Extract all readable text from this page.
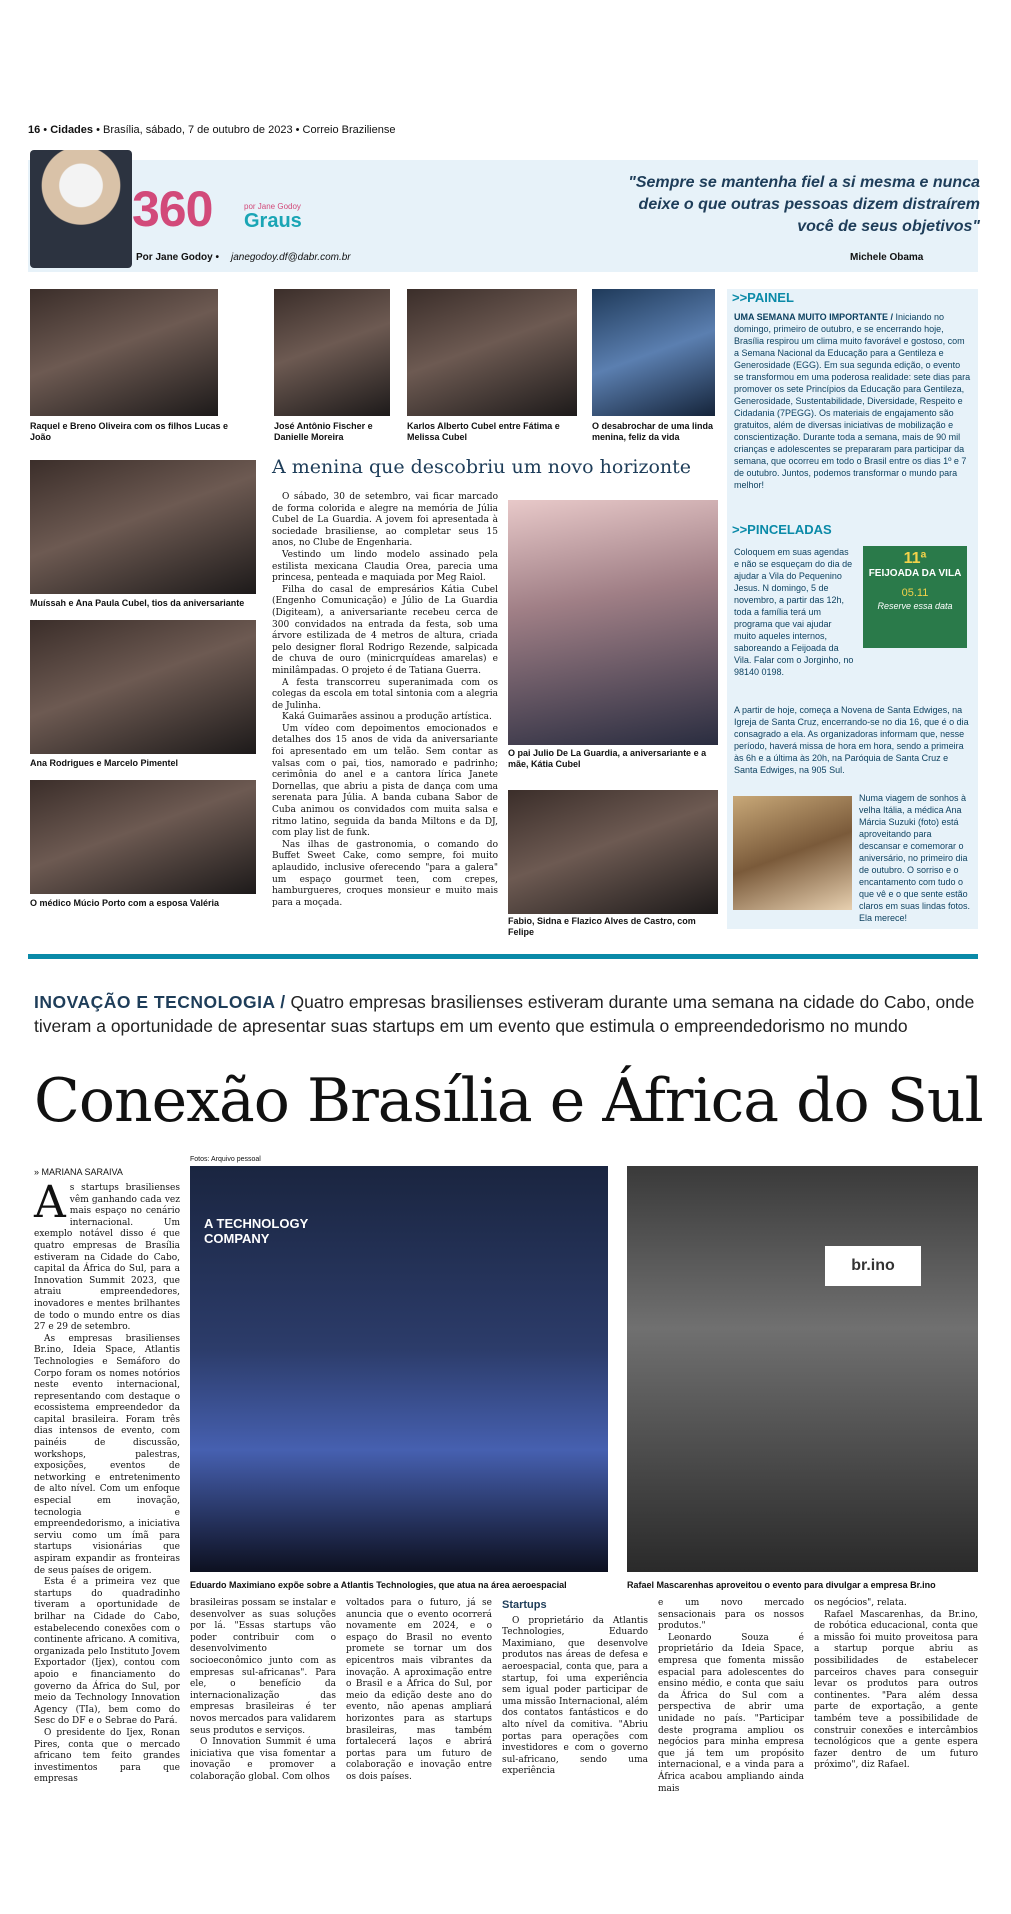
16 • Cidades • Brasília, sábado, 7 de outubro de 2023 • Correio Braziliense
360	por Jane Godoy
Graus
"Sempre se mantenha fiel a si mesma e nunca deixe o que outras pessoas dizem distraírem você de seus objetivos"
Por Jane Godoy • janegodoy.df@dabr.com.br	Michele Obama
Raquel e Breno Oliveira com os filhos Lucas e João
José Antônio Fischer e Danielle Moreira
Karlos Alberto Cubel entre Fátima e Melissa Cubel
O desabrochar de uma linda menina, feliz da vida
Muíssah e Ana Paula Cubel, tios da aniversariante
Ana Rodrigues e Marcelo Pimentel
O médico Múcio Porto com a esposa Valéria
A menina que descobriu um novo horizonte

O sábado, 30 de setembro, vai ficar marcado de forma colorida e alegre na memória de Júlia Cubel de La Guardia. A jovem foi apresentada à sociedade brasiliense, ao completar seus 15 anos, no Clube de Engenharia.

Vestindo um lindo modelo assinado pela estilista mexicana Claudia Orea, parecia uma princesa, penteada e maquiada por Meg Raiol.

Filha do casal de empresários Kátia Cubel (Engenho Comunicação) e Júlio de La Guardia (Digiteam), a aniversariante recebeu cerca de 300 convidados na entrada da festa, sob uma árvore estilizada de 4 metros de altura, criada pelo designer floral Rodrigo Rezende, salpicada de chuva de ouro (minicrquídeas amarelas) e minilâmpadas. O projeto é de Tatiana Guerra.

A festa transcorreu superanimada com os colegas da escola em total sintonia com a alegria de Julinha.

Kaká Guimarães assinou a produção artística.

Um vídeo com depoimentos emocionados e detalhes dos 15 anos de vida da aniversariante foi apresentado em um telão. Sem contar as valsas com o pai, tios, namorado e padrinho; cerimônia do anel e a cantora lírica Janete Dornellas, que abriu a pista de dança com uma serenata para Júlia. A banda cubana Sabor de Cuba animou os convidados com muita salsa e ritmo latino, seguida da banda Miltons e da DJ, com play list de funk.

Nas ilhas de gastronomia, o comando do Buffet Sweet Cake, como sempre, foi muito aplaudido, inclusive oferecendo "para a galera" um espaço gourmet teen, com crepes, hamburgueres, croques monsieur e muito mais para a moçada.

O pai Julio De La Guardia, a aniversariante e a mãe, Kátia Cubel
Fabio, Sidna e Flazico Alves de Castro, com Felipe
>>PAINEL
UMA SEMANA MUITO IMPORTANTE / Iniciando no domingo, primeiro de outubro, e se encerrando hoje, Brasília respirou um clima muito favorável e gostoso, com a Semana Nacional da Educação para a Gentileza e Generosidade (EGG). Em sua segunda edição, o evento se transformou em uma poderosa realidade: sete dias para promover os sete Princípios da Educação para Gentileza, Generosidade, Sustentabilidade, Diversidade, Respeito e Cidadania (7PEGG). Os materiais de engajamento são gratuitos, além de diversas iniciativas de mobilização e conscientização. Durante toda a semana, mais de 90 mil crianças e adolescentes se prepararam para participar da semana, que ocorreu em todo o Brasil entre os dias 1º e 7 de outubro. Juntos, podemos transformar o mundo para melhor!
>>PINCELADAS
Coloquem em suas agendas e não se esqueçam do dia de ajudar a Vila do Pequenino Jesus. N domingo, 5 de novembro, a partir das 12h, toda a família terá um programa que vai ajudar muito aqueles internos, saboreando a Feijoada da Vila. Falar com o Jorginho, no 98140 0198.
11ª
FEIJOADA DA VILA
05.11
Reserve essa data
A partir de hoje, começa a Novena de Santa Edwiges, na Igreja de Santa Cruz, encerrando-se no dia 16, que é o dia consagrado a ela. As organizadoras informam que, nesse período, haverá missa de hora em hora, sendo a primeira às 6h e a última às 20h, na Paróquia de Santa Cruz e Santa Edwiges, na 905 Sul.
Numa viagem de sonhos à velha Itália, a médica Ana Márcia Suzuki (foto) está aproveitando para descansar e comemorar o aniversário, no primeiro dia de outubro. O sorriso e o encantamento com tudo o que vê e o que sente estão claros em suas lindas fotos. Ela merece!
INOVAÇÃO E TECNOLOGIA / Quatro empresas brasilienses estiveram durante uma semana na cidade do Cabo, onde tiveram a oportunidade de apresentar suas startups em um evento que estimula o empreendedorismo no mundo
Conexão Brasília e África do Sul
» MARIANA SARAIVA
Fotos: Arquivo pessoal
A TECHNOLOGY COMPANY
Eduardo Maximiano expõe sobre a Atlantis Technologies, que atua na área aeroespacial
br.ino
Rafael Mascarenhas aproveitou o evento para divulgar a empresa Br.ino
As startups brasilienses vêm ganhando cada vez mais espaço no cenário internacional. Um exemplo notável disso é que quatro empresas de Brasília estiveram na Cidade do Cabo, capital da África do Sul, para a Innovation Summit 2023, que atraiu empreendedores, inovadores e mentes brilhantes de todo o mundo entre os dias 27 e 29 de setembro.

As empresas brasilienses Br.ino, Ideia Space, Atlantis Technologies e Semáforo do Corpo foram os nomes notórios neste evento internacional, representando com destaque o ecossistema empreendedor da capital brasileira. Foram três dias intensos de evento, com painéis de discussão, workshops, palestras, exposições, eventos de networking e entretenimento de alto nível. Com um enfoque especial em inovação, tecnologia e empreendedorismo, a iniciativa serviu como um ímã para startups visionárias que aspiram expandir as fronteiras de seus países de origem.

Esta é a primeira vez que startups do quadradinho tiveram a oportunidade de brilhar na Cidade do Cabo, estabelecendo conexões com o continente africano. A comitiva, organizada pelo Instituto Jovem Exportador (Ijex), contou com apoio e financiamento do governo da África do Sul, por meio da Technology Innovation Agency (TIa), bem como do Sesc do DF e o Sebrae do Pará.

O presidente do Ijex, Ronan Pires, conta que o mercado africano tem feito grandes investimentos para que empresas

brasileiras possam se instalar e desenvolver as suas soluções por lá. "Essas startups vão poder contribuir com o desenvolvimento socioeconômico junto com as empresas sul-africanas". Para ele, o benefício da internacionalização das empresas brasileiras é ter novos mercados para validarem seus produtos e serviços.

O Innovation Summit é uma iniciativa que visa fomentar a inovação e promover a colaboração global. Com olhos

voltados para o futuro, já se anuncia que o evento ocorrerá novamente em 2024, e o espaço do Brasil no evento promete se tornar um dos epicentros mais vibrantes da inovação. A aproximação entre o Brasil e a África do Sul, por meio da edição deste ano do evento, não apenas ampliará horizontes para as startups brasileiras, mas também fortalecerá laços e abrirá portas para um futuro de colaboração e inovação entre os dois países.
Startups

O proprietário da Atlantis Technologies, Eduardo Maximiano, que desenvolve produtos nas áreas de defesa e aeroespacial, conta que, para a startup, foi uma experiência sem igual poder participar de uma missão Internacional, além dos contatos fantásticos e do alto nível da comitiva. "Abriu portas para operações com investidores e com o governo sul-africano, sendo uma experiência

e um novo mercado sensacionais para os nossos produtos."

Leonardo Souza é proprietário da Ideia Space, empresa que fomenta missão espacial para adolescentes do ensino médio, e conta que saiu da África do Sul com a perspectiva de abrir uma unidade no país. "Participar deste programa ampliou os negócios para minha empresa que já tem um propósito internacional, e a vinda para a África acabou ampliando ainda mais

os negócios", relata.

Rafael Mascarenhas, da Br.ino, de robótica educacional, conta que a missão foi muito proveitosa para a startup porque abriu as possibilidades de estabelecer parceiros chaves para conseguir levar os produtos para outros continentes. "Para além dessa parte de exportação, a gente também teve a possibilidade de construir conexões e intercâmbios tecnológicos que a gente espera fazer dentro de um futuro próximo", diz Rafael.
